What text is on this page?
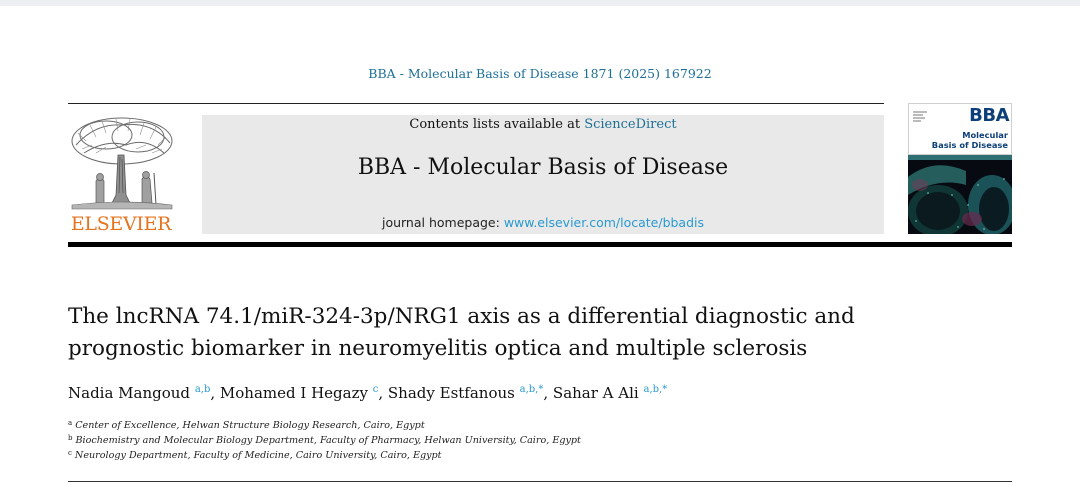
BBA - Molecular Basis of Disease 1871 (2025) 167922
ELSEVIER
Contents lists available at ScienceDirect
BBA - Molecular Basis of Disease
journal homepage: www.elsevier.com/locate/bbadis
BBA
Molecular
Basis of Disease
The lncRNA 74.1/miR-324-3p/NRG1 axis as a differential diagnostic and
prognostic biomarker in neuromyelitis optica and multiple sclerosis
Nadia Mangoud $^{a,b}$, Mohamed I Hegazy $^c$, Shady Estfanous $^{a,b,*}$, Sahar A Ali $^{a,b,*}$
$^a$ Center of Excellence, Helwan Structure Biology Research, Cairo, Egypt
$^b$ Biochemistry and Molecular Biology Department, Faculty of Pharmacy, Helwan University, Cairo, Egypt
$^c$ Neurology Department, Faculty of Medicine, Cairo University, Cairo, Egypt
